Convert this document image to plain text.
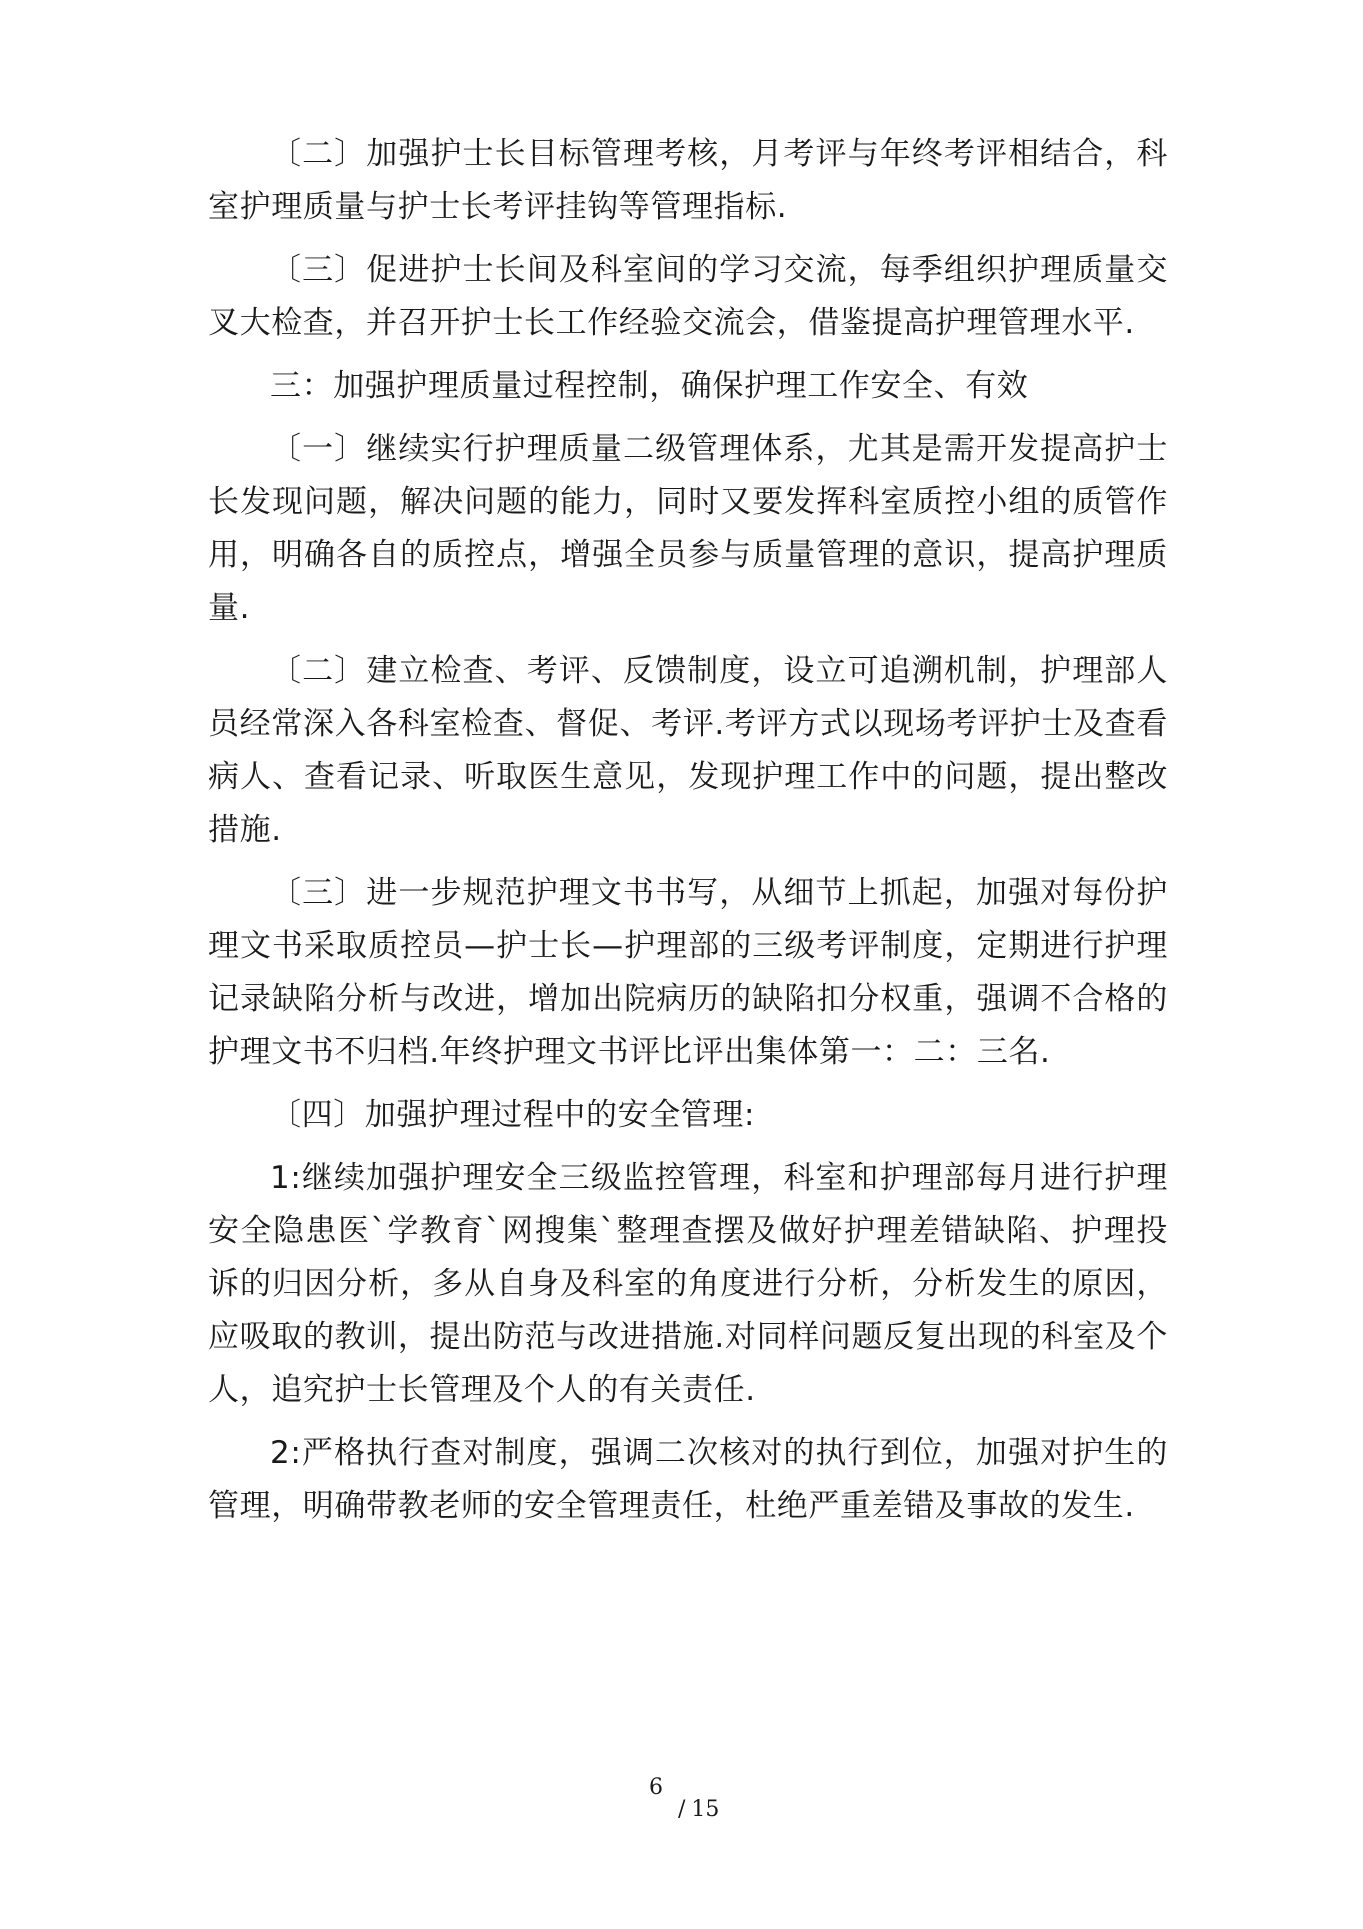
〔二〕加强护士长目标管理考核，月考评与年终考评相结合，科室护理质量与护士长考评挂钩等管理指标.

〔三〕促进护士长间及科室间的学习交流，每季组织护理质量交叉大检查，并召开护士长工作经验交流会，借鉴提高护理管理水平.

三：加强护理质量过程控制，确保护理工作安全、有效

〔一〕继续实行护理质量二级管理体系，尤其是需开发提高护士长发现问题，解决问题的能力，同时又要发挥科室质控小组的质管作用，明确各自的质控点，增强全员参与质量管理的意识，提高护理质量.

〔二〕建立检查、考评、反馈制度，设立可追溯机制，护理部人员经常深入各科室检查、督促、考评.考评方式以现场考评护士及查看病人、查看记录、听取医生意见，发现护理工作中的问题，提出整改措施.

〔三〕进一步规范护理文书书写，从细节上抓起，加强对每份护理文书采取质控员—护士长—护理部的三级考评制度，定期进行护理记录缺陷分析与改进，增加出院病历的缺陷扣分权重，强调不合格的护理文书不归档.年终护理文书评比评出集体第一：二：三名.

〔四〕加强护理过程中的安全管理:

1:继续加强护理安全三级监控管理，科室和护理部每月进行护理安全隐患医`学教育`网搜集`整理查摆及做好护理差错缺陷、护理投诉的归因分析，多从自身及科室的角度进行分析，分析发生的原因，应吸取的教训，提出防范与改进措施.对同样问题反复出现的科室及个人，追究护士长管理及个人的有关责任.

2:严格执行查对制度，强调二次核对的执行到位，加强对护生的管理，明确带教老师的安全管理责任，杜绝严重差错及事故的发生.

6
/ 15
